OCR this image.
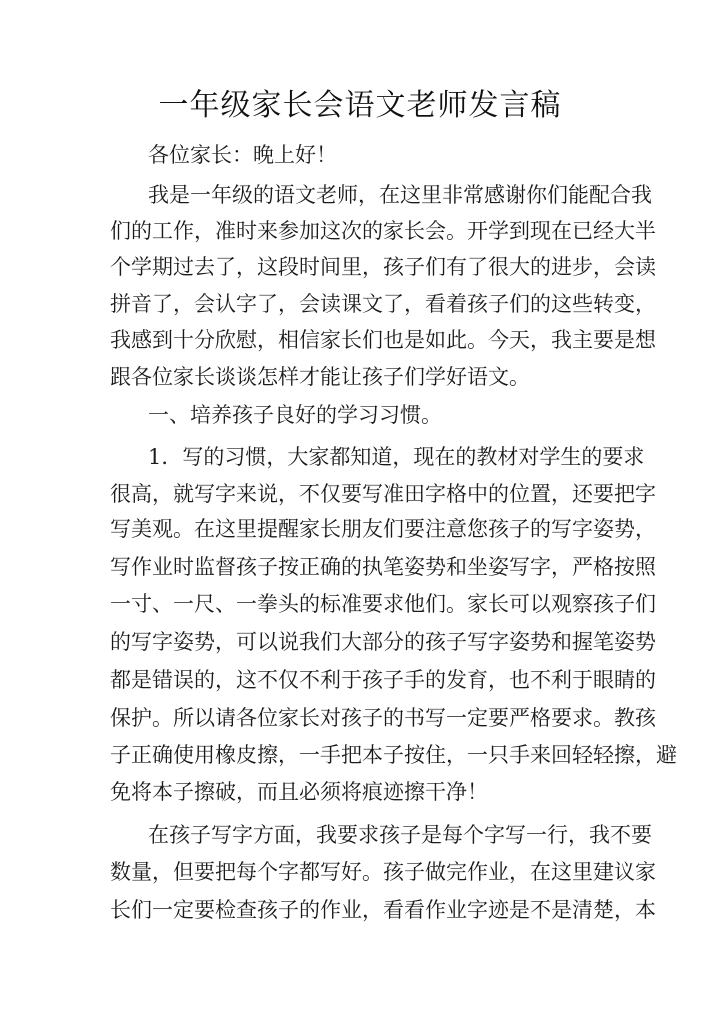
一年级家长会语文老师发言稿
各位家长：晚上好！
我是一年级的语文老师，在这里非常感谢你们能配合我
们的工作，准时来参加这次的家长会。开学到现在已经大半
个学期过去了，这段时间里，孩子们有了很大的进步，会读
拼音了，会认字了，会读课文了，看着孩子们的这些转变，
我感到十分欣慰，相信家长们也是如此。今天，我主要是想
跟各位家长谈谈怎样才能让孩子们学好语文。
一、培养孩子良好的学习习惯。
1．写的习惯，大家都知道，现在的教材对学生的要求
很高，就写字来说，不仅要写准田字格中的位置，还要把字
写美观。在这里提醒家长朋友们要注意您孩子的写字姿势，
写作业时监督孩子按正确的执笔姿势和坐姿写字，严格按照
一寸、一尺、一拳头的标准要求他们。家长可以观察孩子们
的写字姿势，可以说我们大部分的孩子写字姿势和握笔姿势
都是错误的，这不仅不利于孩子手的发育，也不利于眼睛的
保护。所以请各位家长对孩子的书写一定要严格要求。教孩
子正确使用橡皮擦，一手把本子按住，一只手来回轻轻擦，避
免将本子擦破，而且必须将痕迹擦干净！
在孩子写字方面，我要求孩子是每个字写一行，我不要
数量，但要把每个字都写好。孩子做完作业，在这里建议家
长们一定要检查孩子的作业，看看作业字迹是不是清楚，本
